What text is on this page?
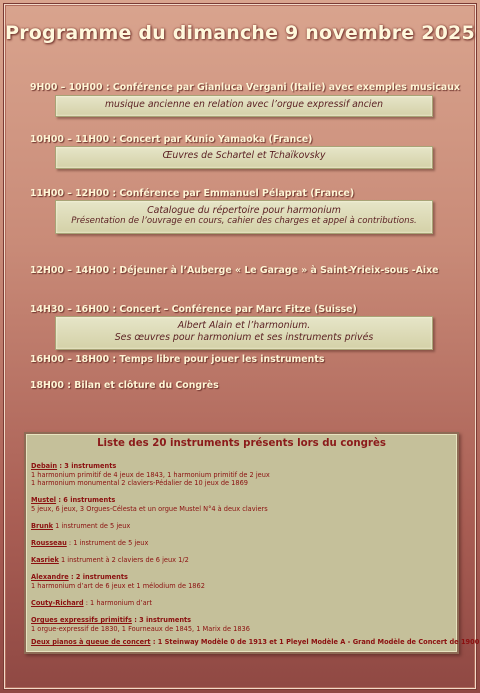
Programme du dimanche 9 novembre 2025
9H00 – 10H00 : Conférence par Gianluca Vergani (Italie) avec exemples musicaux
musique ancienne en relation avec l’orgue expressif ancien
10H00 – 11H00 : Concert par Kunio Yamaoka (France)
Œuvres de Schartel et Tchaïkovsky
11H00 – 12H00 : Conférence par Emmanuel Pélaprat (France)
Catalogue du répertoire pour harmonium
Présentation de l’ouvrage en cours, cahier des charges et appel à contributions.
12H00 – 14H00 : Déjeuner à l’Auberge « Le Garage » à Saint-Yrieix-sous -Aixe
14H30 – 16H00 : Concert – Conférence par Marc Fitze (Suisse)
Albert Alain et l’harmonium.
Ses œuvres pour harmonium et ses instruments privés
16H00 – 18H00 : Temps libre pour jouer les instruments
18H00 : Bilan et clôture du Congrès
Liste des 20 instruments présents lors du congrès
Debain : 3 instruments
1 harmonium primitif de 4 jeux de 1843, 1 harmonium primitif de 2 jeux
1 harmonium monumental 2 claviers-Pédalier de 10 jeux de 1869
Mustel : 6 instruments
5 jeux, 6 jeux, 3 Orgues-Célesta et un orgue Mustel N°4 à deux claviers
Brunk 1 instrument de 5 jeux
Rousseau : 1 instrument de 5 jeux
Kasriek 1 instrument à 2 claviers de 6 jeux 1/2
Alexandre : 2 instruments
1 harmonium d’art de 6 jeux et 1 mélodium de 1862
Couty-Richard : 1 harmonium d’art
Orgues expressifs primitifs : 3 instruments
1 orgue-expressif de 1830, 1 Fourneaux de 1845, 1 Marix de 1836
Deux pianos à queue de concert : 1 Steinway Modèle 0 de 1913 et 1 Pleyel Modèle A - Grand Modèle de Concert de 1900
